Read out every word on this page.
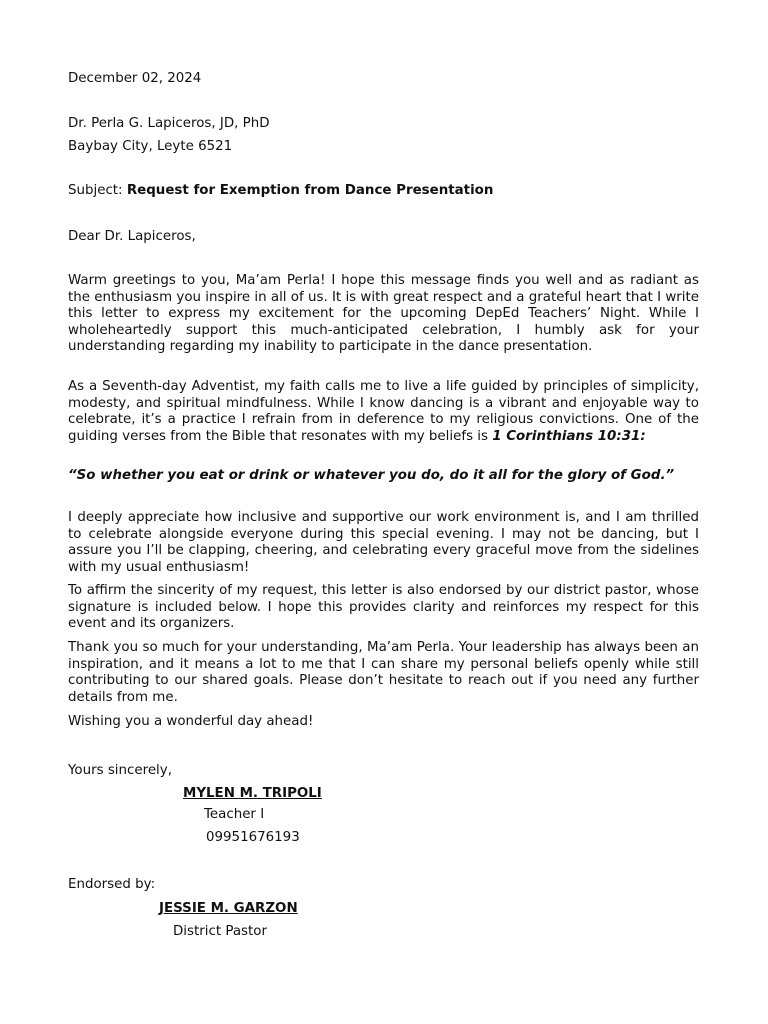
December 02, 2024
Dr. Perla G. Lapiceros, JD, PhD
Baybay City, Leyte 6521
Subject: Request for Exemption from Dance Presentation
Dear Dr. Lapiceros,

Warm greetings to you, Ma’am Perla! I hope this message finds you well and as radiant as the enthusiasm you inspire in all of us. It is with great respect and a grateful heart that I write this letter to express my excitement for the upcoming DepEd Teachers’ Night. While I wholeheartedly support this much-anticipated celebration, I humbly ask for your understanding regarding my inability to participate in the dance presentation.

As a Seventh-day Adventist, my faith calls me to live a life guided by principles of simplicity, modesty, and spiritual mindfulness. While I know dancing is a vibrant and enjoyable way to celebrate, it’s a practice I refrain from in deference to my religious convictions. One of the guiding verses from the Bible that resonates with my beliefs is 1 Corinthians 10:31:

“So whether you eat or drink or whatever you do, do it all for the glory of God.”

I deeply appreciate how inclusive and supportive our work environment is, and I am thrilled to celebrate alongside everyone during this special evening. I may not be dancing, but I assure you I’ll be clapping, cheering, and celebrating every graceful move from the sidelines with my usual enthusiasm!

To affirm the sincerity of my request, this letter is also endorsed by our district pastor, whose signature is included below. I hope this provides clarity and reinforces my respect for this event and its organizers.

Thank you so much for your understanding, Ma’am Perla. Your leadership has always been an inspiration, and it means a lot to me that I can share my personal beliefs openly while still contributing to our shared goals. Please don’t hesitate to reach out if you need any further details from me.

Wishing you a wonderful day ahead!
Yours sincerely,
MYLEN M. TRIPOLI
Teacher I
09951676193
Endorsed by:
JESSIE M. GARZON
District Pastor
